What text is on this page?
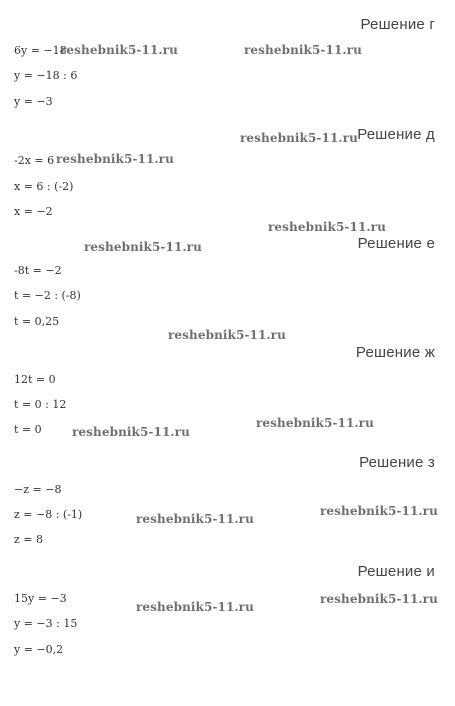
Решение г
6y = −18
y = −18 : 6
y = −3
Решение д
-2x = 6
x = 6 : (-2)
x = −2
Решение е
-8t = −2
t = −2 : (-8)
t = 0,25
Решение ж
12t = 0
t = 0 : 12
t = 0
Решение з
−z = −8
z = −8 : (-1)
z = 8
Решение и
15y = −3
y = −3 : 15
y = −0,2
reshebnik5-11.ru	reshebnik5-11.ru
reshebnik5-11.ru
reshebnik5-11.ru
reshebnik5-11.ru
reshebnik5-11.ru
reshebnik5-11.ru
reshebnik5-11.ru
reshebnik5-11.ru
reshebnik5-11.ru
reshebnik5-11.ru
reshebnik5-11.ru
reshebnik5-11.ru
